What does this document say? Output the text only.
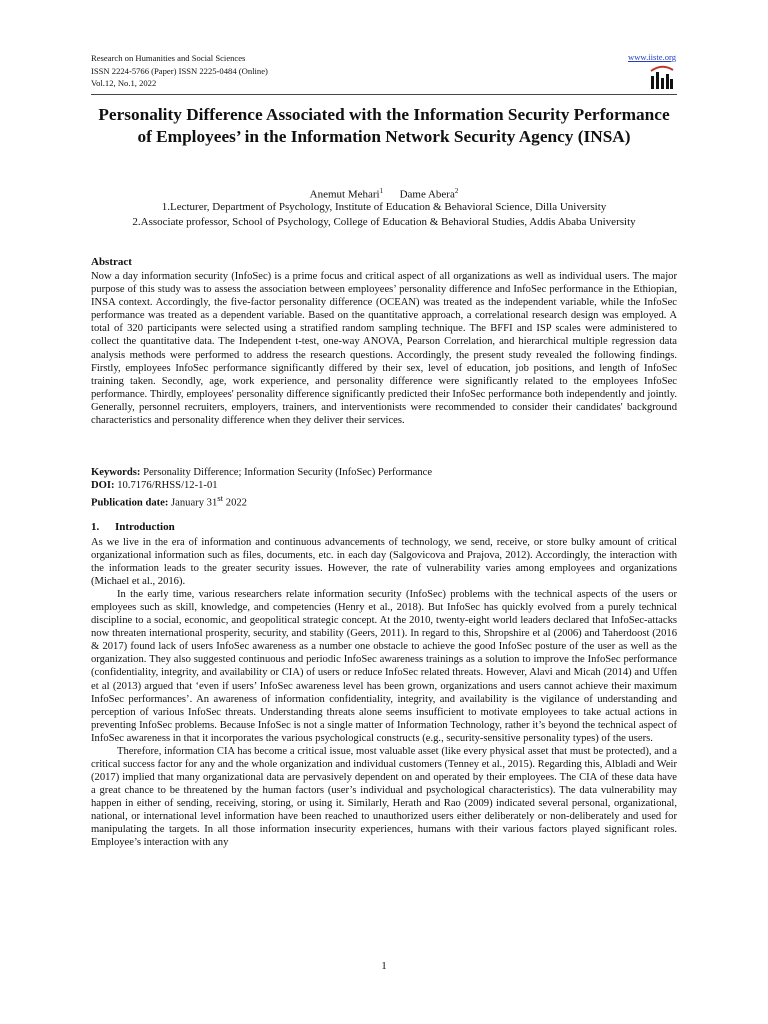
Research on Humanities and Social Sciences
ISSN 2224-5766 (Paper) ISSN 2225-0484 (Online)
Vol.12, No.1, 2022
www.iiste.org
Personality Difference Associated with the Information Security Performance of Employees’ in the Information Network Security Agency (INSA)
Anemut Mehari$^1$ Dame Abera$^2$
1.Lecturer, Department of Psychology, Institute of Education & Behavioral Science, Dilla University
2.Associate professor, School of Psychology, College of Education & Behavioral Studies, Addis Ababa University
Abstract
Now a day information security (InfoSec) is a prime focus and critical aspect of all organizations as well as individual users. The major purpose of this study was to assess the association between employees’ personality difference and InfoSec performance in the Ethiopian, INSA context. Accordingly, the five-factor personality difference (OCEAN) was treated as the independent variable, while the InfoSec performance was treated as a dependent variable. Based on the quantitative approach, a correlational research design was employed. A total of 320 participants were selected using a stratified random sampling technique. The BFFI and ISP scales were administered to collect the quantitative data. The Independent t-test, one-way ANOVA, Pearson Correlation, and hierarchical multiple regression data analysis methods were performed to address the research questions. Accordingly, the present study revealed the following findings. Firstly, employees InfoSec performance significantly differed by their sex, level of education, job positions, and length of InfoSec training taken. Secondly, age, work experience, and personality difference were significantly related to the employees InfoSec performance. Thirdly, employees' personality difference significantly predicted their InfoSec performance both independently and jointly. Generally, personnel recruiters, employers, trainers, and interventionists were recommended to consider their candidates' background characteristics and personality difference when they deliver their services.
Keywords: Personality Difference; Information Security (InfoSec) Performance
DOI: 10.7176/RHSS/12-1-01
Publication date: January 31st 2022
1. Introduction

As we live in the era of information and continuous advancements of technology, we send, receive, or store bulky amount of critical organizational information such as files, documents, etc. in each day (Salgovicova and Prajova, 2012). Accordingly, the interaction with the information leads to the greater security issues. However, the rate of vulnerability varies among employees and organizations (Michael et al., 2016).

In the early time, various researchers relate information security (InfoSec) problems with the technical aspects of the users or employees such as skill, knowledge, and competencies (Henry et al., 2018). But InfoSec has quickly evolved from a purely technical discipline to a social, economic, and geopolitical strategic concept. At the 2010, twenty-eight world leaders declared that InfoSec-attacks now threaten international prosperity, security, and stability (Geers, 2011). In regard to this, Shropshire et al (2006) and Taherdoost (2016 & 2017) found lack of users InfoSec awareness as a number one obstacle to achieve the good InfoSec posture of the user as well as the organization. They also suggested continuous and periodic InfoSec awareness trainings as a solution to improve the InfoSec performance (confidentiality, integrity, and availability or CIA) of users or reduce InfoSec related threats. However, Alavi and Micah (2014) and Uffen et al (2013) argued that ‘even if users’ InfoSec awareness level has been grown, organizations and users cannot achieve their maximum InfoSec performances’. An awareness of information confidentiality, integrity, and availability is the vigilance of understanding and perception of various InfoSec threats. Understanding threats alone seems insufficient to motivate employees to take actual actions in preventing InfoSec problems. Because InfoSec is not a single matter of Information Technology, rather it’s beyond the technical aspect of InfoSec awareness in that it incorporates the various psychological constructs (e.g., security-sensitive personality types) of the users.

Therefore, information CIA has become a critical issue, most valuable asset (like every physical asset that must be protected), and a critical success factor for any and the whole organization and individual customers (Tenney et al., 2015). Regarding this, Albladi and Weir (2017) implied that many organizational data are pervasively dependent on and operated by their employees. The CIA of these data have a great chance to be threatened by the human factors (user’s individual and psychological characteristics). The data vulnerability may happen in either of sending, receiving, storing, or using it. Similarly, Herath and Rao (2009) indicated several personal, organizational, national, or international level information have been reached to unauthorized users either deliberately or non-deliberately and used for manipulating the targets. In all those information insecurity experiences, humans with their various factors played significant roles. Employee’s interaction with any

1
